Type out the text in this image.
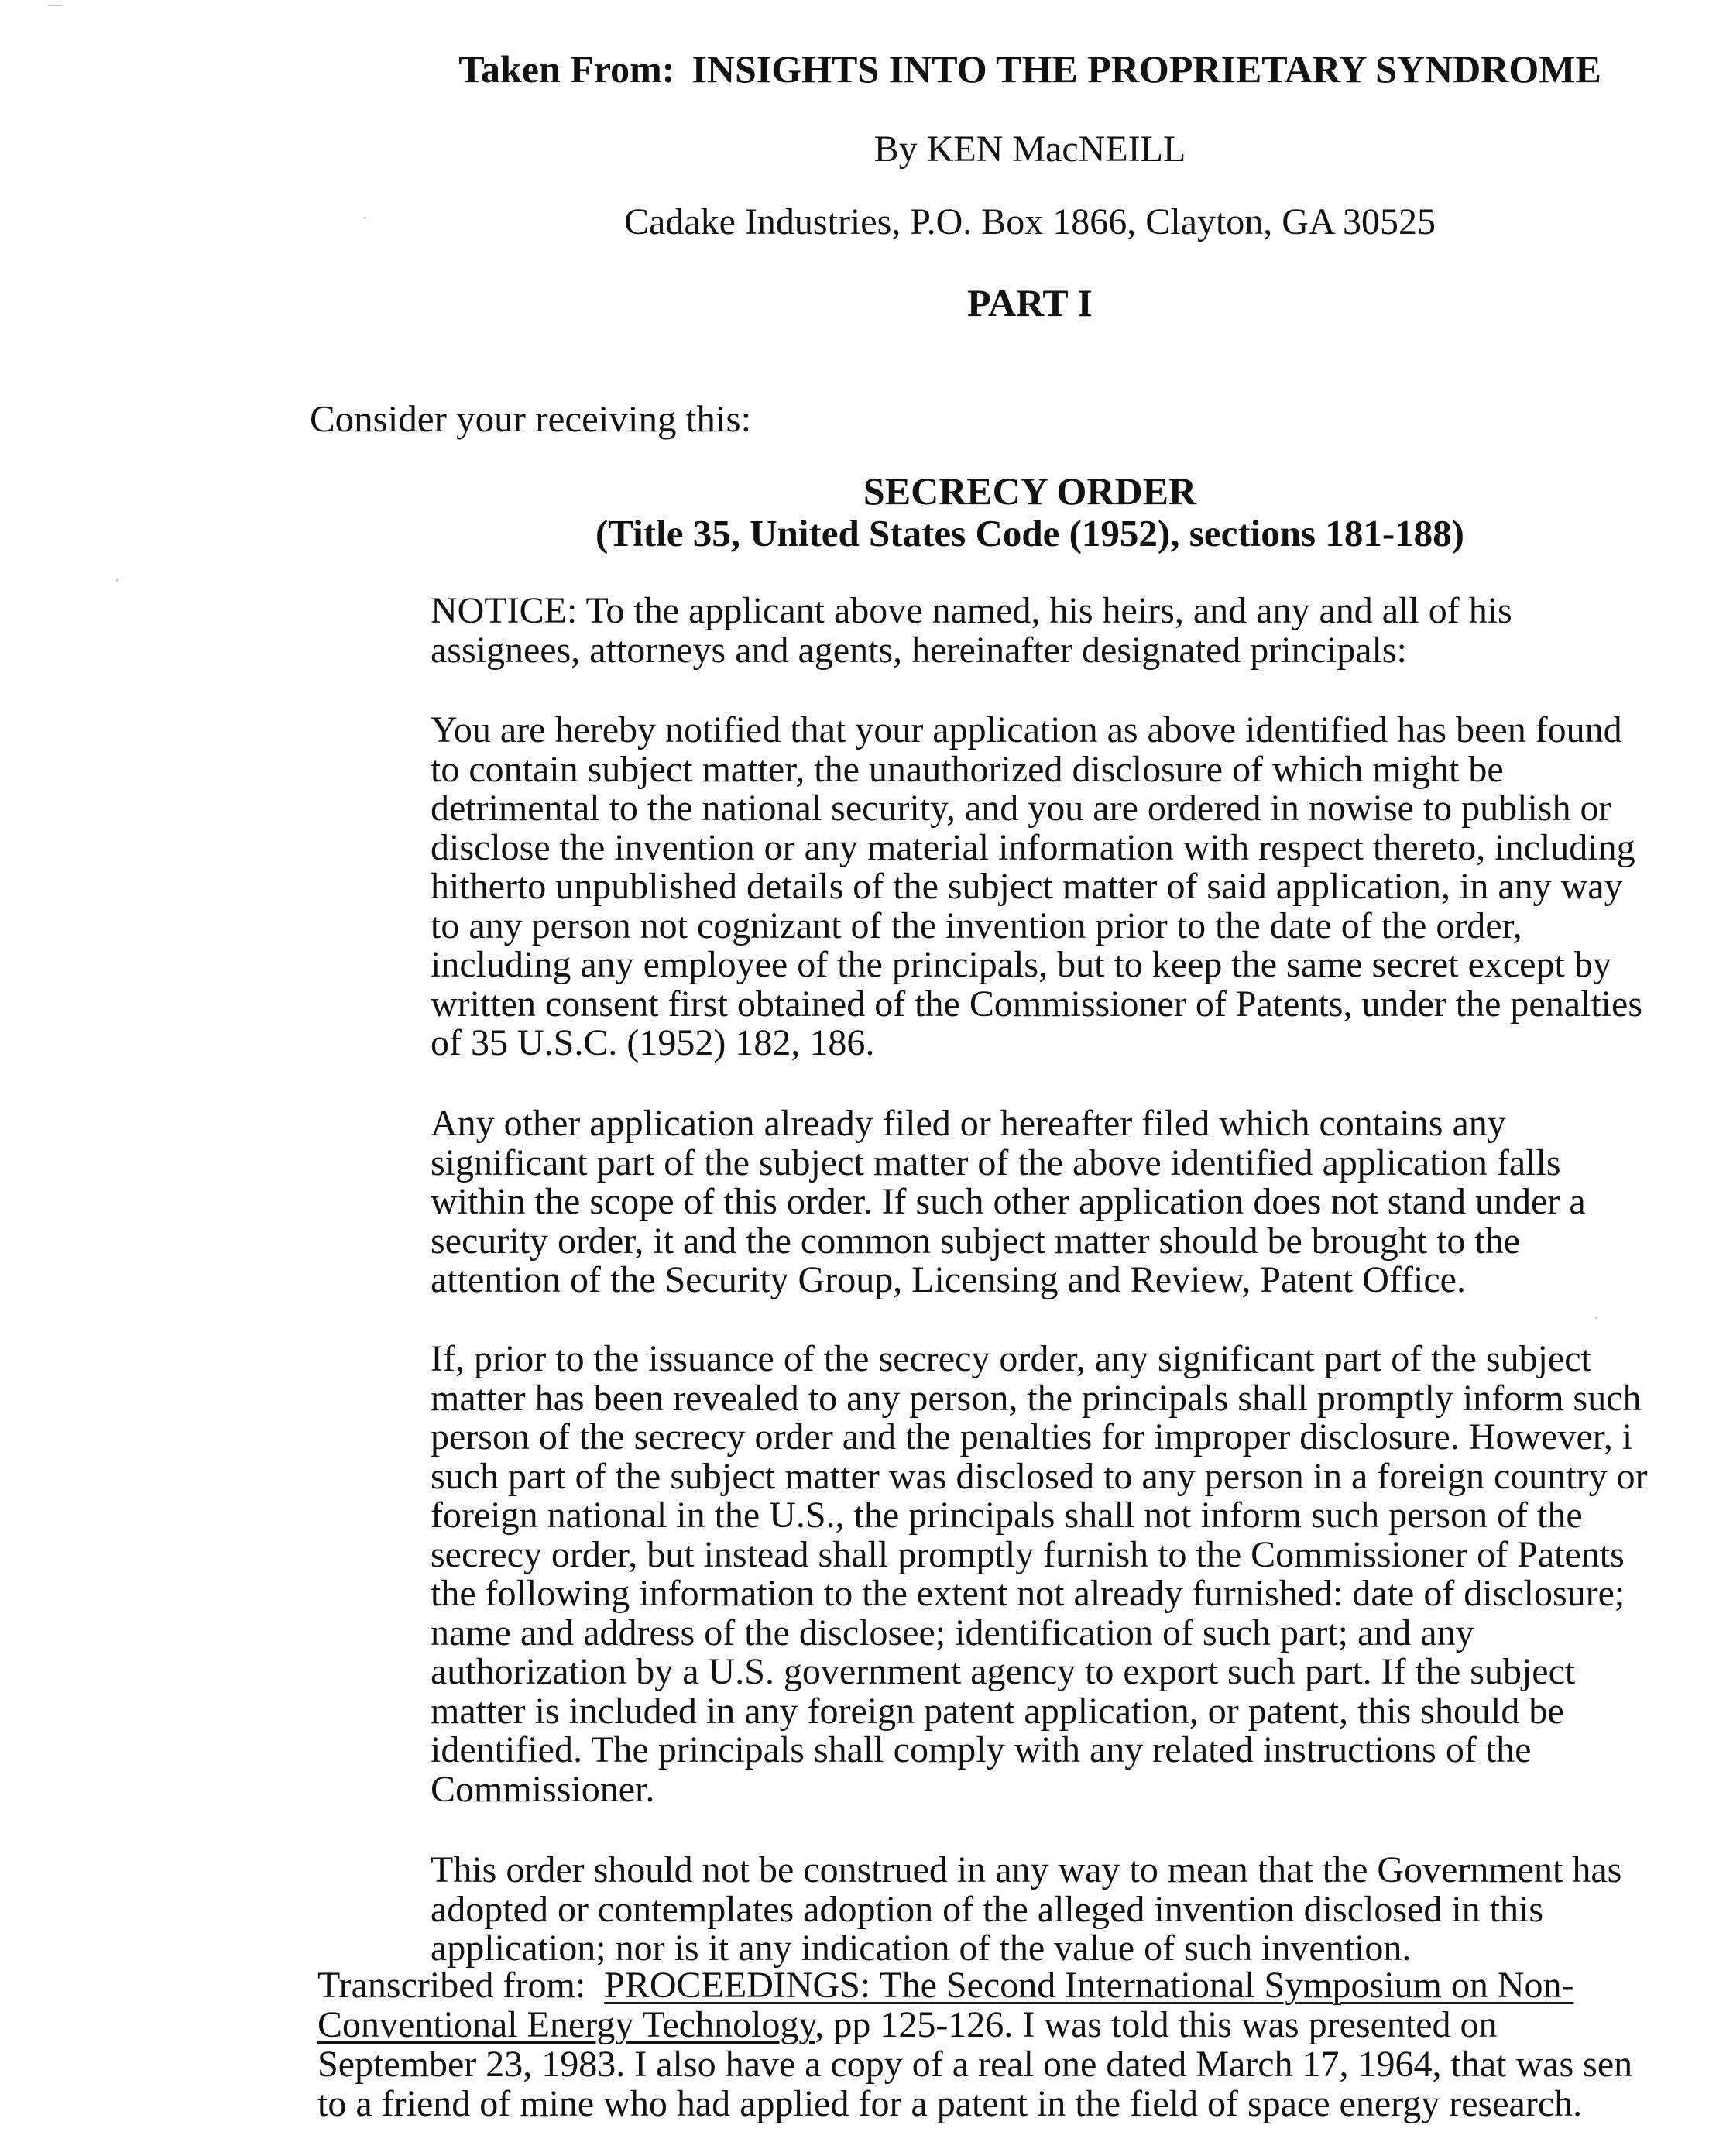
Taken From: INSIGHTS INTO THE PROPRIETARY SYNDROME
By KEN MacNEILL
Cadake Industries, P.O. Box 1866, Clayton, GA 30525
PART I
Consider your receiving this:
SECRECY ORDER
(Title 35, United States Code (1952), sections 181-188)
NOTICE: To the applicant above named, his heirs, and any and all of his
assignees, attorneys and agents, hereinafter designated principals:
You are hereby notified that your application as above identified has been found
to contain subject matter, the unauthorized disclosure of which might be
detrimental to the national security, and you are ordered in nowise to publish or
disclose the invention or any material information with respect thereto, including
hitherto unpublished details of the subject matter of said application, in any way
to any person not cognizant of the invention prior to the date of the order,
including any employee of the principals, but to keep the same secret except by
written consent first obtained of the Commissioner of Patents, under the penalties
of 35 U.S.C. (1952) 182, 186.
Any other application already filed or hereafter filed which contains any
significant part of the subject matter of the above identified application falls
within the scope of this order. If such other application does not stand under a
security order, it and the common subject matter should be brought to the
attention of the Security Group, Licensing and Review, Patent Office.
If, prior to the issuance of the secrecy order, any significant part of the subject
matter has been revealed to any person, the principals shall promptly inform such
person of the secrecy order and the penalties for improper disclosure. However, i
such part of the subject matter was disclosed to any person in a foreign country or
foreign national in the U.S., the principals shall not inform such person of the
secrecy order, but instead shall promptly furnish to the Commissioner of Patents
the following information to the extent not already furnished: date of disclosure;
name and address of the disclosee; identification of such part; and any
authorization by a U.S. government agency to export such part. If the subject
matter is included in any foreign patent application, or patent, this should be
identified. The principals shall comply with any related instructions of the
Commissioner.
This order should not be construed in any way to mean that the Government has
adopted or contemplates adoption of the alleged invention disclosed in this
application; nor is it any indication of the value of such invention.
Transcribed from: PROCEEDINGS: The Second International Symposium on Non-
Conventional Energy Technology, pp 125-126. I was told this was presented on
September 23, 1983. I also have a copy of a real one dated March 17, 1964, that was sen
to a friend of mine who had applied for a patent in the field of space energy research.
